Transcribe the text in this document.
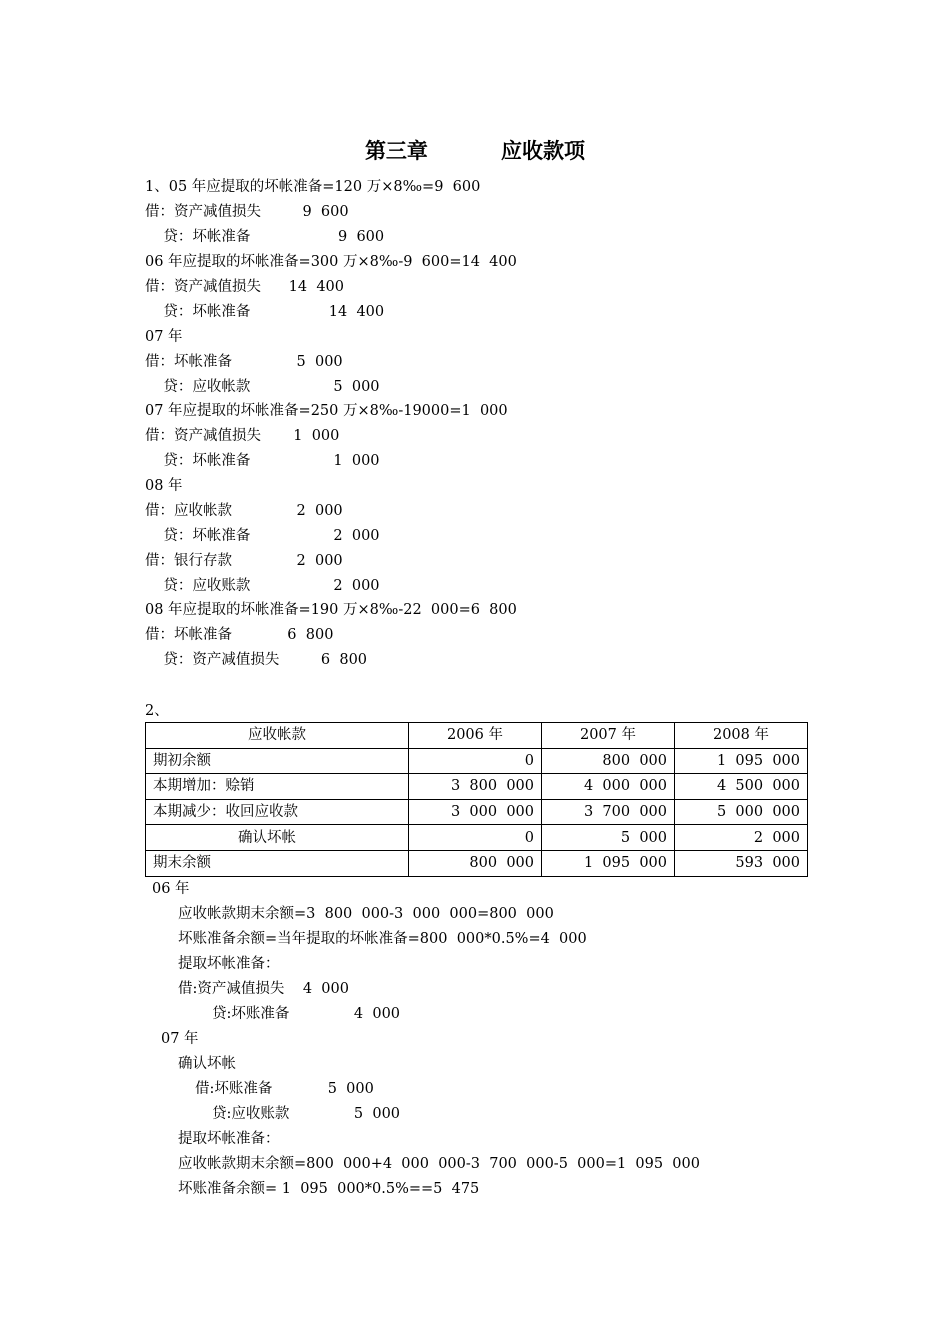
第三章          应收款项
1、05 年应提取的坏帐准备=120 万×8‰=9  600
借：资产减值损失         9  600
贷：坏帐准备                   9  600
06 年应提取的坏帐准备=300 万×8‰-9  600=14  400
借：资产减值损失      14  400
贷：坏帐准备                 14  400
07 年
借：坏帐准备              5  000
贷：应收帐款                  5  000
07 年应提取的坏帐准备=250 万×8‰-19000=1  000
借：资产减值损失       1  000
贷：坏帐准备                  1  000
08 年
借：应收帐款              2  000
贷：坏帐准备                  2  000
借：银行存款              2  000
贷：应收账款                  2  000
08 年应提取的坏帐准备=190 万×8‰-22  000=6  800
借：坏帐准备            6  800
贷：资产减值损失         6  800
2、
应收帐款	2006 年	2007 年	2008 年
期初余额	0	800  000	1  095  000
本期增加：赊销	3  800  000	4  000  000	4  500  000
本期减少：收回应收款	3  000  000	3  700  000	5  000  000
确认坏帐	0	5  000	2  000
期末余额	800  000	1  095  000	593  000
06 年
应收帐款期末余额=3  800  000-3  000  000=800  000
坏账准备余额=当年提取的坏帐准备=800  000*0.5%=4  000
提取坏帐准备：
借:资产减值损失    4  000
贷:坏账准备              4  000
07 年
确认坏帐
借:坏账准备            5  000
贷:应收账款              5  000
提取坏帐准备：
应收帐款期末余额=800  000+4  000  000-3  700  000-5  000=1  095  000
坏账准备余额= 1  095  000*0.5%==5  475
